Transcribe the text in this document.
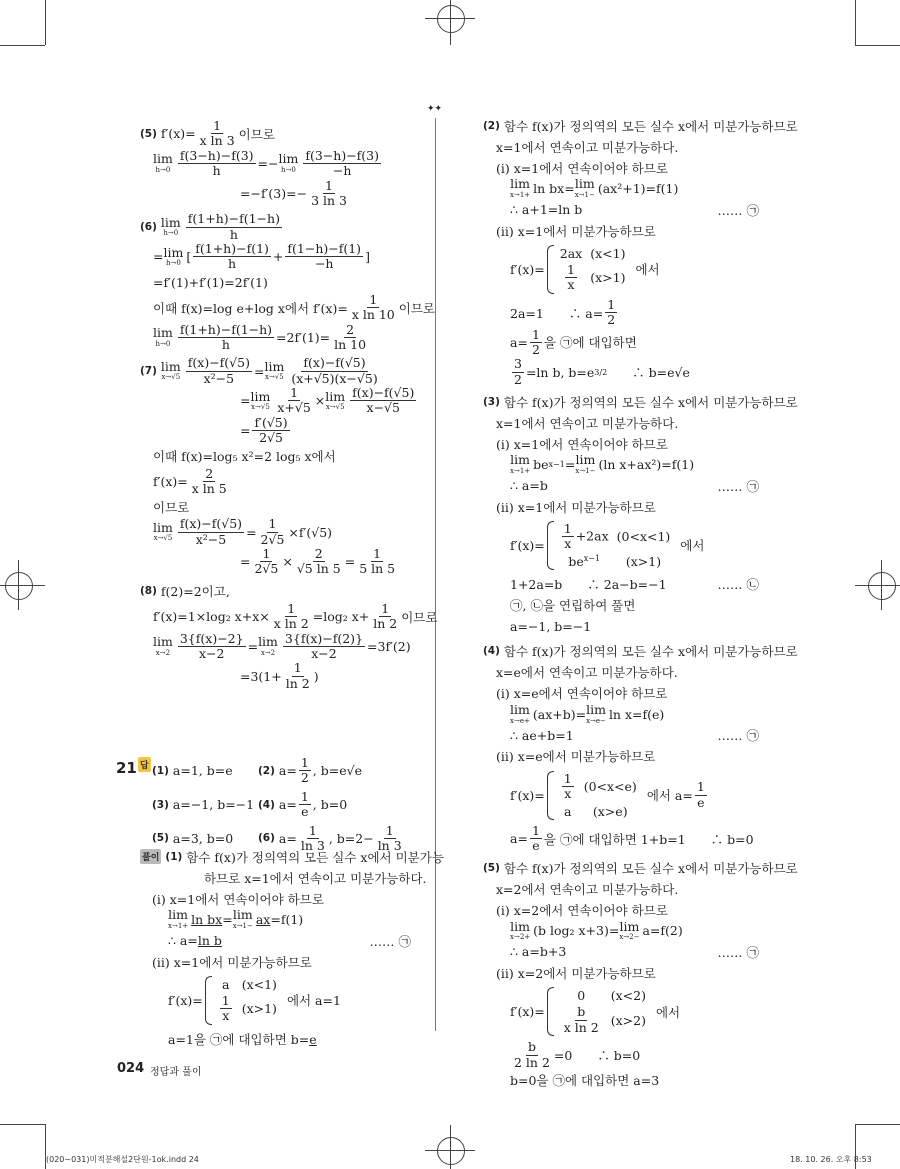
✦✦
(5) $f'(x)= \frac{1}{\text{x ln 3}}$ 이므로
lim
$h\to 0 \frac{f(3-h)-f(3)}{h} =- \lim$
$h\to 0 \frac{f(3-h)-f(3)}{-h}$
$=-f'(3)=- \frac{1}{3 \ln 3}$
(6) lim
$h\to 0 \frac{f(1+h)-f(1-h)}{h}$
= lim
h→0 [ $\frac{f(1+h)-f(1)}{h} + \frac{f(1-h)-f(1)}{-h}$ ]
=f′(1)+f′(1)=2f′(1)
이때 f(x)=log e+log x에서 $f'(x)= \frac{1}{\text{x ln 10}}$ 이므로
lim
$h\to 0 \frac{f(1+h)-f(1-h)}{h} =2f'(1)= \frac{2}{\ln 10}$
(7) lim
$x\to√5 \frac{f(x)-f(√5)}{\text{x²−5}} = \lim$
$x\to√5 \frac{f(x)-f(√5)}{(x+√5)(x-√5)}$
= lim
$x\to√5 \frac{1}{x+√5} \times \lim$
$x\to√5 \frac{f(x)-f(√5)}{x-√5}$
= $\frac{f'(√5)}{2√5}$
이때 f(x)=log₅ x²=2 log₅ x에서
$f'(x)= \frac{2}{\text{x ln 5}}$
이므로
lim
$x\to√5 \frac{f(x)-f(√5)}{\text{x²−5}} = \frac{1}{2√5} \times f'(√5)$
= $\frac{1}{2√5} \times \frac{2}{√5 \ln 5} = \frac{1}{5 \ln 5}$
(8) f(2)=2이고,
f′(x)=1×log₂ $x+x\times \frac{1}{\text{x ln 2}} =\log_2$ $x+ \frac{1}{\ln 2}$ 이므로
lim
$x\to 2 \frac{3\{f(x)-2\}}{x-2} = \lim$
$x\to 2 \frac{3\{f(x)-f(2)\}}{x-2} =3f'(2)$
$=3(1+ \frac{1}{\ln 2}$ )
21 답 (1) a=1, b=e (2) $a= \frac{1}{2}$ , b=e√e
(3) a=−1, b=−1 (4) $a= \frac{1}{e}$ , b=0
(5) a=3, b=0 (6) $a= \frac{1}{\ln 3}$ , $b=2- \frac{1}{\ln 3}$
풀이 (1) 함수 f(x)가 정의역의 모든 실수 x에서 미분가능
하므로 x=1에서 연속이고 미분가능하다.
(ⅰ) x=1에서 연속이어야 하므로
lim
x→1+ ln bx = lim
x→1− ax =f(1)
∴ a= ln b	…… ㉠
(ⅱ) x=1에서 미분가능하므로
f′(x)=
a	(x<1)

$\frac{1}{x}$	(x>1)
에서 a=1
a=1을 ㉠에 대입하면 b= e
(2) 함수 f(x)가 정의역의 모든 실수 x에서 미분가능하므로
x=1에서 연속이고 미분가능하다.
(ⅰ) x=1에서 연속이어야 하므로
lim
x→1+ ln bx= lim
x→1− (ax²+1)=f(1)
∴ a+1=ln b	…… ㉠
(ⅱ) x=1에서 미분가능하므로
f′(x)=
2ax	(x<1)

$\frac{1}{x}$	(x>1)
에서
2a=1　　∴ $a= \frac{1}{2}$
$a= \frac{1}{2}$ 을 ㉠에 대입하면
$\frac{3}{2} =\ln$ b, b=e 3/2 　　∴ b=e√e
(3) 함수 f(x)가 정의역의 모든 실수 x에서 미분가능하므로
x=1에서 연속이고 미분가능하다.
(ⅰ) x=1에서 연속이어야 하므로
lim
x→1+ be x−1 = lim
x→1− (ln x+ax²)=f(1)
∴ a=b	…… ㉠
(ⅱ) x=1에서 미분가능하므로
$f'(x)= \frac{1}{x} +2ax$	(0<x<1)
$be^{x-1}$	(x>1)
에서
1+2a=b　　∴ 2a−b=−1	…… ㉡
㉠, ㉡을 연립하여 풀면
a=−1, b=−1
(4) 함수 f(x)가 정의역의 모든 실수 x에서 미분가능하므로
x=e에서 연속이고 미분가능하다.
(ⅰ) x=e에서 연속이어야 하므로
lim
x→e+ (ax+b)= lim
x→e− ln x=f(e)
∴ ae+b=1	…… ㉠
(ⅱ) x=e에서 미분가능하므로
$f'(x)= \frac{1}{x}$	(0<x<e)
a	(x>e)
에서 $a= \frac{1}{e}$
$a= \frac{1}{e}$ 을 ㉠에 대입하면 1+b=1　　∴ b=0
(5) 함수 f(x)가 정의역의 모든 실수 x에서 미분가능하므로
x=2에서 연속이고 미분가능하다.
(ⅰ) x=2에서 연속이어야 하므로
lim
x→2+ (b log₂ x+3)= lim
x→2− a=f(2)
∴ a=b+3	…… ㉠
(ⅱ) x=2에서 미분가능하므로
f′(x)=
0	(x<2)

$\frac{b}{\text{x ln 2}}$	(x>2)
에서
$\frac{b}{2 \ln 2} =0$　　∴ b=0
b=0을 ㉠에 대입하면 a=3
024 정답과 풀이
(020~031)미적분해설2단원-1ok.indd 24	18. 10. 26. 오후 8:53
